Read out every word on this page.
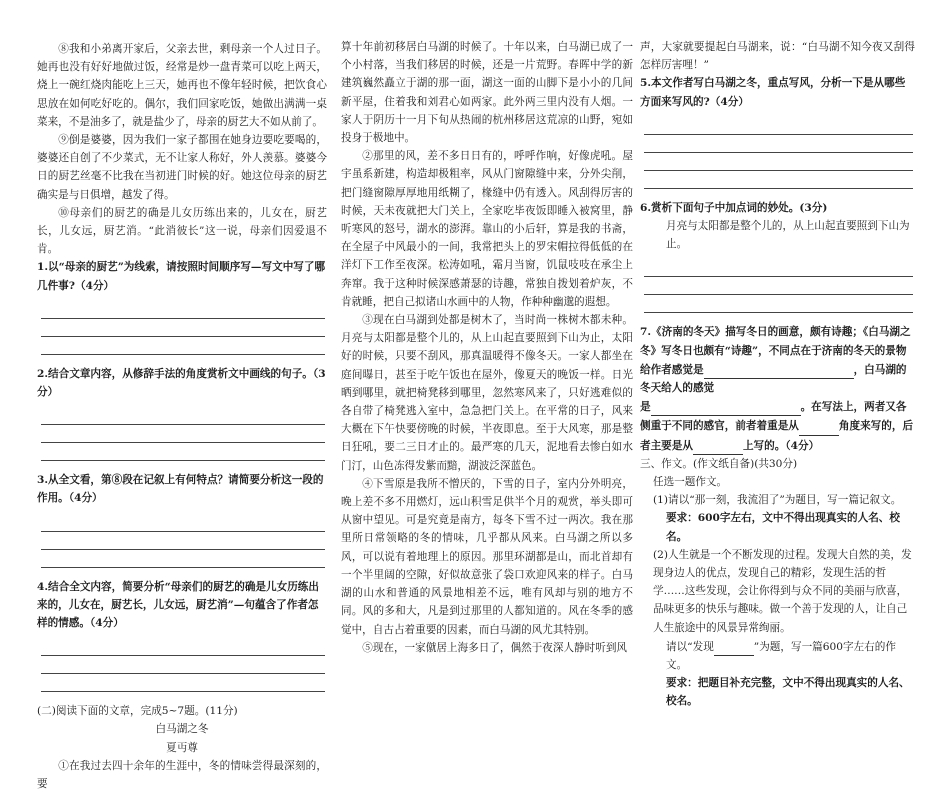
⑧我和小弟离开家后，父亲去世，剩母亲一个人过日子。她再也没有好好地做过饭，经常是炒一盘青菜可以吃上两天，烧上一碗红烧肉能吃上三天，她再也不像年轻时候，把饮食心思放在如何吃好吃的。偶尔，我们回家吃饭，她做出满满一桌菜来，不是油多了，就是盐少了，母亲的厨艺大不如从前了。

⑨倒是婆婆，因为我们一家子都围在她身边要吃要喝的，婆婆还自创了不少菜式，无不让家人称好，外人羡慕。婆婆今日的厨艺丝毫不比我在当初进门时候的好。她这位母亲的厨艺确实是与日俱增，越发了得。

⑩母亲们的厨艺的确是儿女历练出来的，儿女在，厨艺长，儿女远，厨艺消。“此消彼长”这一说，母亲们因爱退不肯。

1.以“母亲的厨艺”为线索，请按照时间顺序写—写文中写了哪几件事?（4分）

2.结合文章内容，从修辞手法的角度赏析文中画线的句子。（3分）

3.从全文看，第⑧段在记叙上有何特点？请简要分析这一段的作用。（4分）

4.结合全文内容，简要分析“母亲们的厨艺的确是儿女历练出来的，儿女在，厨艺长，儿女远，厨艺消”—句蕴含了作者怎样的情感。（4分）

(二)阅读下面的文章，完成5~7题。(11分)

白马湖之冬

夏丏尊

①在我过去四十余年的生涯中，冬的情味尝得最深刻的，要

算十年前初移居白马湖的时候了。十年以来，白马湖已成了一个小村落，当我们移居的时候，还是一片荒野。春晖中学的新建筑巍然矗立于湖的那一面，湖这一面的山脚下是小小的几间新平屋，住着我和刘君心如两家。此外两三里内没有人烟。一家人于阴历十一月下旬从热闹的杭州移居这荒凉的山野，宛如投身于极地中。

②那里的风，差不多日日有的，呼呼作响，好像虎吼。屋宇虽系新建，构造却极粗率，风从门窗隙缝中来，分外尖削，把门缝窗隙厚厚地用纸糊了，椽缝中仍有透入。风刮得厉害的时候，天未夜就把大门关上，全家吃毕夜饭即睡入被窝里，静听寒风的怒号，湖水的澎湃。靠山的小后轩，算是我的书斋，在全屋子中风最小的一间，我常把头上的罗宋帽拉得低低的在洋灯下工作至夜深。松涛如吼，霜月当窗，饥鼠吱吱在承尘上奔窜。我于这种时候深感萧瑟的诗趣，常独自拨划着炉灰，不肯就睡，把自己拟诸山水画中的人物，作种种幽邈的遐想。

③现在白马湖到处都是树木了，当时尚一株树木都未种。月亮与太阳都是整个儿的，从上山起直要照到下山为止，太阳好的时候，只要不刮风，那真温暖得不像冬天。一家人都坐在庭间曝日，甚至于吃午饭也在屋外，像夏天的晚饭一样。日光晒到哪里，就把椅凳移到哪里，忽然寒风来了，只好逃难似的各自带了椅凳逃入室中，急急把门关上。在平常的日子，风来大概在下午快要傍晚的时候，半夜即息。至于大风寒，那是整日狂吼，要二三日才止的。最严寒的几天，泥地看去惨白如水门汀，山色冻得发紫而黯，湖波泛深蓝色。

④下雪原是我所不憎厌的，下雪的日子，室内分外明亮，晚上差不多不用燃灯，远山积雪足供半个月的观赏，举头即可从窗中望见。可是究竟是南方，每冬下雪不过一两次。我在那里所日常领略的冬的情味，几乎都从风来。白马湖之所以多风，可以说有着地理上的原因。那里环湖都是山，而北首却有一个半里阔的空隙，好似故意张了袋口欢迎风来的样子。白马湖的山水和普通的风景地相差不远，唯有风却与别的地方不同。风的多和大，凡是到过那里的人都知道的。风在冬季的感觉中，自古占着重要的因素，而白马湖的风尤其特别。

⑤现在，一家僦居上海多日了，偶然于夜深人静时听到风

声，大家就要提起白马湖来，说：“白马湖不知今夜又刮得怎样厉害哩！”

5.本文作者写白马湖之冬，重点写风，分析一下是从哪些方面来写风的?（4分）

6.赏析下面句子中加点词的妙处。(3分)

月亮与太阳都是整个儿的，从上山起直要照到下山为止。

7.《济南的冬天》描写冬日的画意，颇有诗趣；《白马湖之冬》写冬日也颇有“诗趣”，不同点在于济南的冬天的景物给作者感觉是	，白马湖的冬天给人的感觉
是	。在写法上，两者又各侧重于不同的感官，前者着重是从	角度来写的，后者主要是从	上写的。（4分）

三、作文。(作文纸自备)(共30分)

任选一题作文。

(1)请以“那一刻，我流泪了”为题目，写一篇记叙文。

要求：600字左右，文中不得出现真实的人名、校名。

(2)人生就是一个不断发现的过程。发现大自然的美，发现身边人的优点，发现自己的精彩，发现生活的哲学……这些发现，会让你得到与众不同的美丽与欣喜，品味更多的快乐与趣味。做一个善于发现的人，让自己人生旅途中的风景异常绚丽。

请以“发现	”为题，写一篇600字左右的作文。

要求：把题目补充完整，文中不得出现真实的人名、校名。
